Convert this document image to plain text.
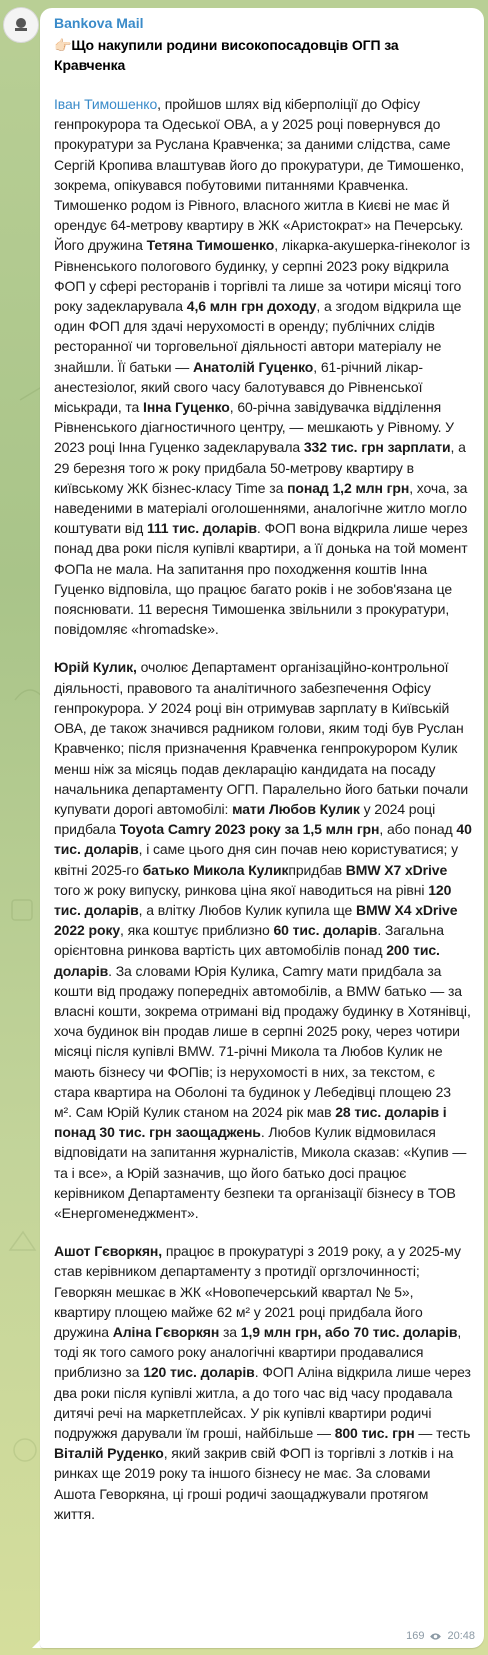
Bankova Mail
👉🏻Що накупили родини високопосадовців ОГП за Кравченка

Іван Тимошенко, пройшов шлях від кіберполіції до Офісу генпрокурора та Одеської ОВА, а у 2025 році повернувся до прокуратури за Руслана Кравченка; за даними слідства, саме Сергій Кропива влаштував його до прокуратури, де Тимошенко, зокрема, опікувався побутовими питаннями Кравченка. Тимошенко родом із Рівного, власного житла в Києві не має й орендує 64-метрову квартиру в ЖК «Аристократ» на Печерську. Його дружина Тетяна Тимошенко, лікарка-акушерка-гінеколог із Рівненського пологового будинку, у серпні 2023 року відкрила ФОП у сфері ресторанів і торгівлі та лише за чотири місяці того року задекларувала 4,6 млн грн доходу, а згодом відкрила ще один ФОП для здачі нерухомості в оренду; публічних слідів ресторанної чи торговельної діяльності автори матеріалу не знайшли. Її батьки — Анатолій Гуценко, 61-річний лікар-анестезіолог, який свого часу балотувався до Рівненської міськради, та Інна Гуценко, 60-річна завідувачка відділення Рівненського діагностичного центру, — мешкають у Рівному. У 2023 році Інна Гуценко задекларувала 332 тис. грн зарплати, а 29 березня того ж року придбала 50-метрову квартиру в київському ЖК бізнес-класу Time за понад 1,2 млн грн, хоча, за наведеними в матеріалі оголошеннями, аналогічне житло могло коштувати від 111 тис. доларів. ФОП вона відкрила лише через понад два роки після купівлі квартири, а її донька на той момент ФОПа не мала. На запитання про походження коштів Інна Гуценко відповіла, що працює багато років і не зобов'язана це пояснювати. 11 вересня Тимошенка звільнили з прокуратури, повідомляє «hromadske».

Юрій Кулик, очолює Департамент організаційно-контрольної діяльності, правового та аналітичного забезпечення Офісу генпрокурора. У 2024 році він отримував зарплату в Київській ОВА, де також значився радником голови, яким тоді був Руслан Кравченко; після призначення Кравченка генпрокурором Кулик менш ніж за місяць подав декларацію кандидата на посаду начальника департаменту ОГП. Паралельно його батьки почали купувати дорогі автомобілі: мати Любов Кулик у 2024 році придбала Toyota Camry 2023 року за 1,5 млн грн, або понад 40 тис. доларів, і саме цього дня син почав нею користуватися; у квітні 2025-го батько Микола Куликпридбав BMW X7 xDrive того ж року випуску, ринкова ціна якої наводиться на рівні 120 тис. доларів, а влітку Любов Кулик купила ще BMW X4 xDrive 2022 року, яка коштує приблизно 60 тис. доларів. Загальна орієнтовна ринкова вартість цих автомобілів понад 200 тис. доларів. За словами Юрія Кулика, Camry мати придбала за кошти від продажу попередніх автомобілів, а BMW батько — за власні кошти, зокрема отримані від продажу будинку в Хотянівці, хоча будинок він продав лише в серпні 2025 року, через чотири місяці після купівлі BMW. 71-річні Микола та Любов Кулик не мають бізнесу чи ФОПів; із нерухомості в них, за текстом, є стара квартира на Оболоні та будинок у Лебедівці площею 23 м². Сам Юрій Кулик станом на 2024 рік мав 28 тис. доларів і понад 30 тис. грн заощаджень. Любов Кулик відмовилася відповідати на запитання журналістів, Микола сказав: «Купив — та і все», а Юрій зазначив, що його батько досі працює керівником Департаменту безпеки та організації бізнесу в ТОВ «Енергоменеджмент».

Ашот Гєворкян, працює в прокуратурі з 2019 року, а у 2025-му став керівником департаменту з протидії оргзлочинності; Геворкян мешкає в ЖК «Новопечерський квартал № 5», квартиру площею майже 62 м² у 2021 році придбала його дружина Аліна Гєворкян за 1,9 млн грн, або 70 тис. доларів, тоді як того самого року аналогічні квартири продавалися приблизно за 120 тис. доларів. ФОП Аліна відкрила лише через два роки після купівлі житла, а до того час від часу продавала дитячі речі на маркетплейсах. У рік купівлі квартири родичі подружжя дарували їм гроші, найбільше — 800 тис. грн — тесть

Віталій Руденко, який закрив свій ФОП із торгівлі з лотків і на ринках ще 2019 року та іншого бізнесу не має. За словами Ашота Геворкяна, ці гроші родичі заощаджували протягом життя.

169 20:48
